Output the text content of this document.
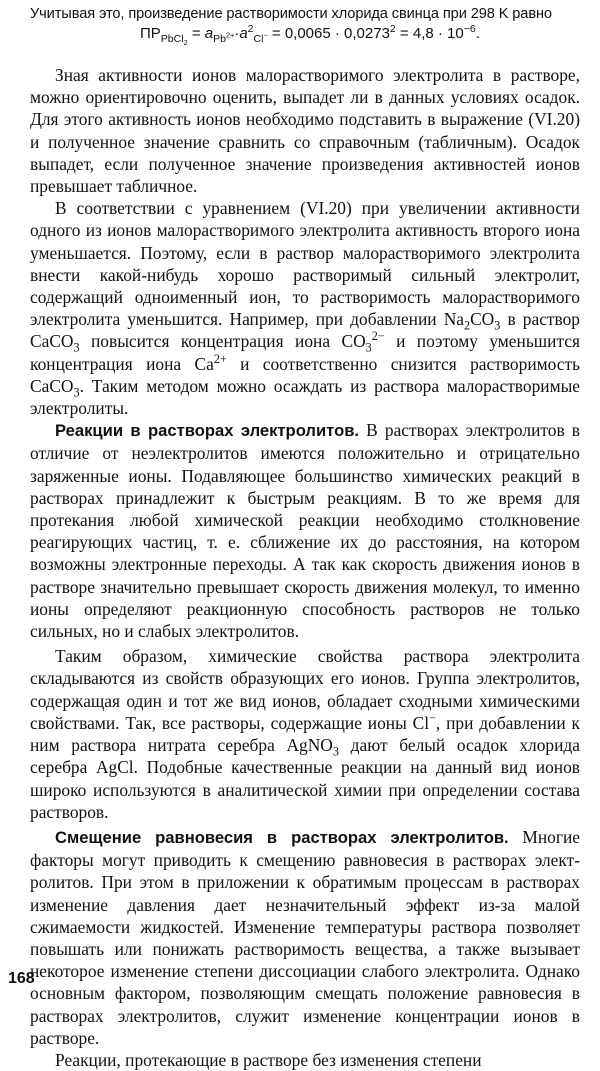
Учитывая это, произведение растворимости хлорида свинца при 298 K равно
$ПР_{PbCl_2} = a_{Pb^{2+}}\cdot a^2_{Cl^-} = 0,0065 \cdot 0,0273^2 = 4,8 \cdot 10^{-6}$.

Зная активности ионов малорастворимого электролита в растворе, можно ориентировочно оценить, выпадет ли в данных условиях осадок. Для этого активность ионов необходимо подставить в выражение (VI.20) и полученное значение сравнить со справочным (табличным). Осадок выпадет, если полученное значение произведения активностей ионов превышает табличное.

В соответствии с уравнением (VI.20) при увеличении активности одного из ионов малорастворимого электролита активность второго иона уменьшается. Поэтому, если в раствор малорастворимого электролита внести какой-нибудь хорошо растворимый сильный электролит, содержащий одноименный ион, то растворимость малорастворимого электролита уменьшится. Например, при добавлении $Na_2CO_3$ в раствор CaCO$_3$ повысится концентрация иона $CO_3^{2-}$ и поэтому уменьшится концентрация иона $Ca^{2+}$ и соответственно снизится растворимость CaCO$_3$. Таким методом можно осаждать из раствора малорастворимые электролиты.

Реакции в растворах электролитов. В растворах электролитов в отличие от неэлектролитов имеются положительно и отрицательно заряженные ионы. Подавляющее большинство химических реакций в растворах принадлежит к быстрым реакциям. В то же время для протекания любой химической реакции необходимо столкновение реагирующих частиц, т. е. сближение их до расстояния, на котором возможны электронные переходы. А так как скорость движения ионов в растворе значительно превышает скорость движения молекул, то именно ионы определяют реакционную способность растворов не только сильных, но и слабых электролитов.

Таким образом, химические свойства раствора электролита складываются из свойств образующих его ионов. Группа электролитов, содержащая один и тот же вид ионов, обладает сходными химическими свойствами. Так, все растворы, содержащие ионы Cl−, при добавлении к ним раствора нитрата серебра AgNO$_3$ дают белый осадок хлорида серебра AgCl. Подобные качественные реакции на данный вид ионов широко используются в аналитической химии при определении состава растворов.

Смещение равновесия в растворах электролитов. Многие факторы могут приводить к смещению равновесия в растворах электролитов. При этом в приложении к обратимым процессам в растворах изменение давления дает незначительный эффект из-за малой сжимаемости жидкостей. Изменение температуры раствора позволяет повышать или понижать растворимость вещества, а также вызывает некоторое изменение степени диссоциации слабого электролита. Однако основным фактором, позволяющим смещать положение равновесия в растворах электролитов, служит изменение концентрации ионов в растворе.

Реакции, протекающие в растворе без изменения степени

168
